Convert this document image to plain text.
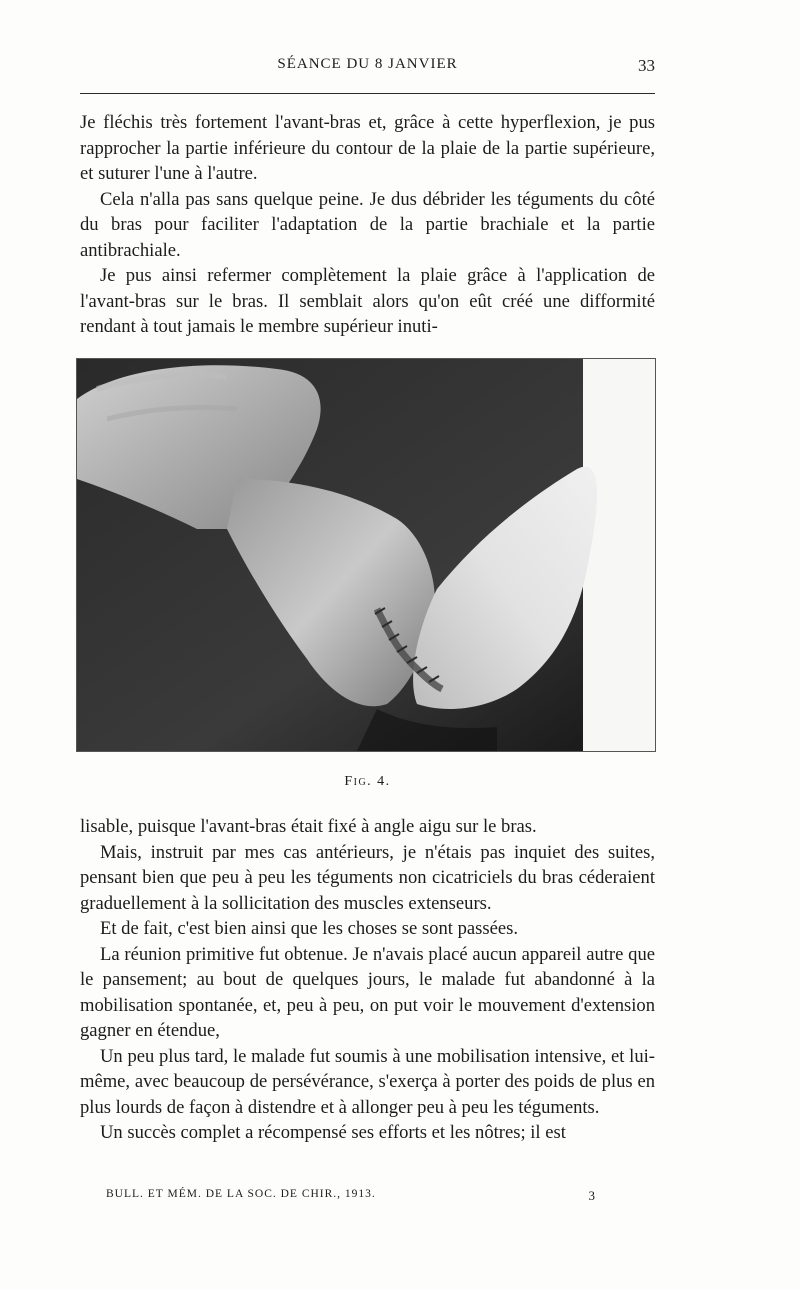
SÉANCE DU 8 JANVIER	33

Je fléchis très fortement l'avant-bras et, grâce à cette hyperflexion, je pus rapprocher la partie inférieure du contour de la plaie de la partie supérieure, et suturer l'une à l'autre.

Cela n'alla pas sans quelque peine. Je dus débrider les téguments du côté du bras pour faciliter l'adaptation de la partie brachiale et la partie antibrachiale.

Je pus ainsi refermer complètement la plaie grâce à l'application de l'avant-bras sur le bras. Il semblait alors qu'on eût créé une difformité rendant à tout jamais le membre supérieur inuti-

Fig. 4.

lisable, puisque l'avant-bras était fixé à angle aigu sur le bras.

Mais, instruit par mes cas antérieurs, je n'étais pas inquiet des suites, pensant bien que peu à peu les téguments non cicatriciels du bras céderaient graduellement à la sollicitation des muscles extenseurs.

Et de fait, c'est bien ainsi que les choses se sont passées.

La réunion primitive fut obtenue. Je n'avais placé aucun appareil autre que le pansement; au bout de quelques jours, le malade fut abandonné à la mobilisation spontanée, et, peu à peu, on put voir le mouvement d'extension gagner en étendue,

Un peu plus tard, le malade fut soumis à une mobilisation intensive, et lui-même, avec beaucoup de persévérance, s'exerça à porter des poids de plus en plus lourds de façon à distendre et à allonger peu à peu les téguments.

Un succès complet a récompensé ses efforts et les nôtres; il est

BULL. ET MÉM. DE LA SOC. DE CHIR., 1913.	3
